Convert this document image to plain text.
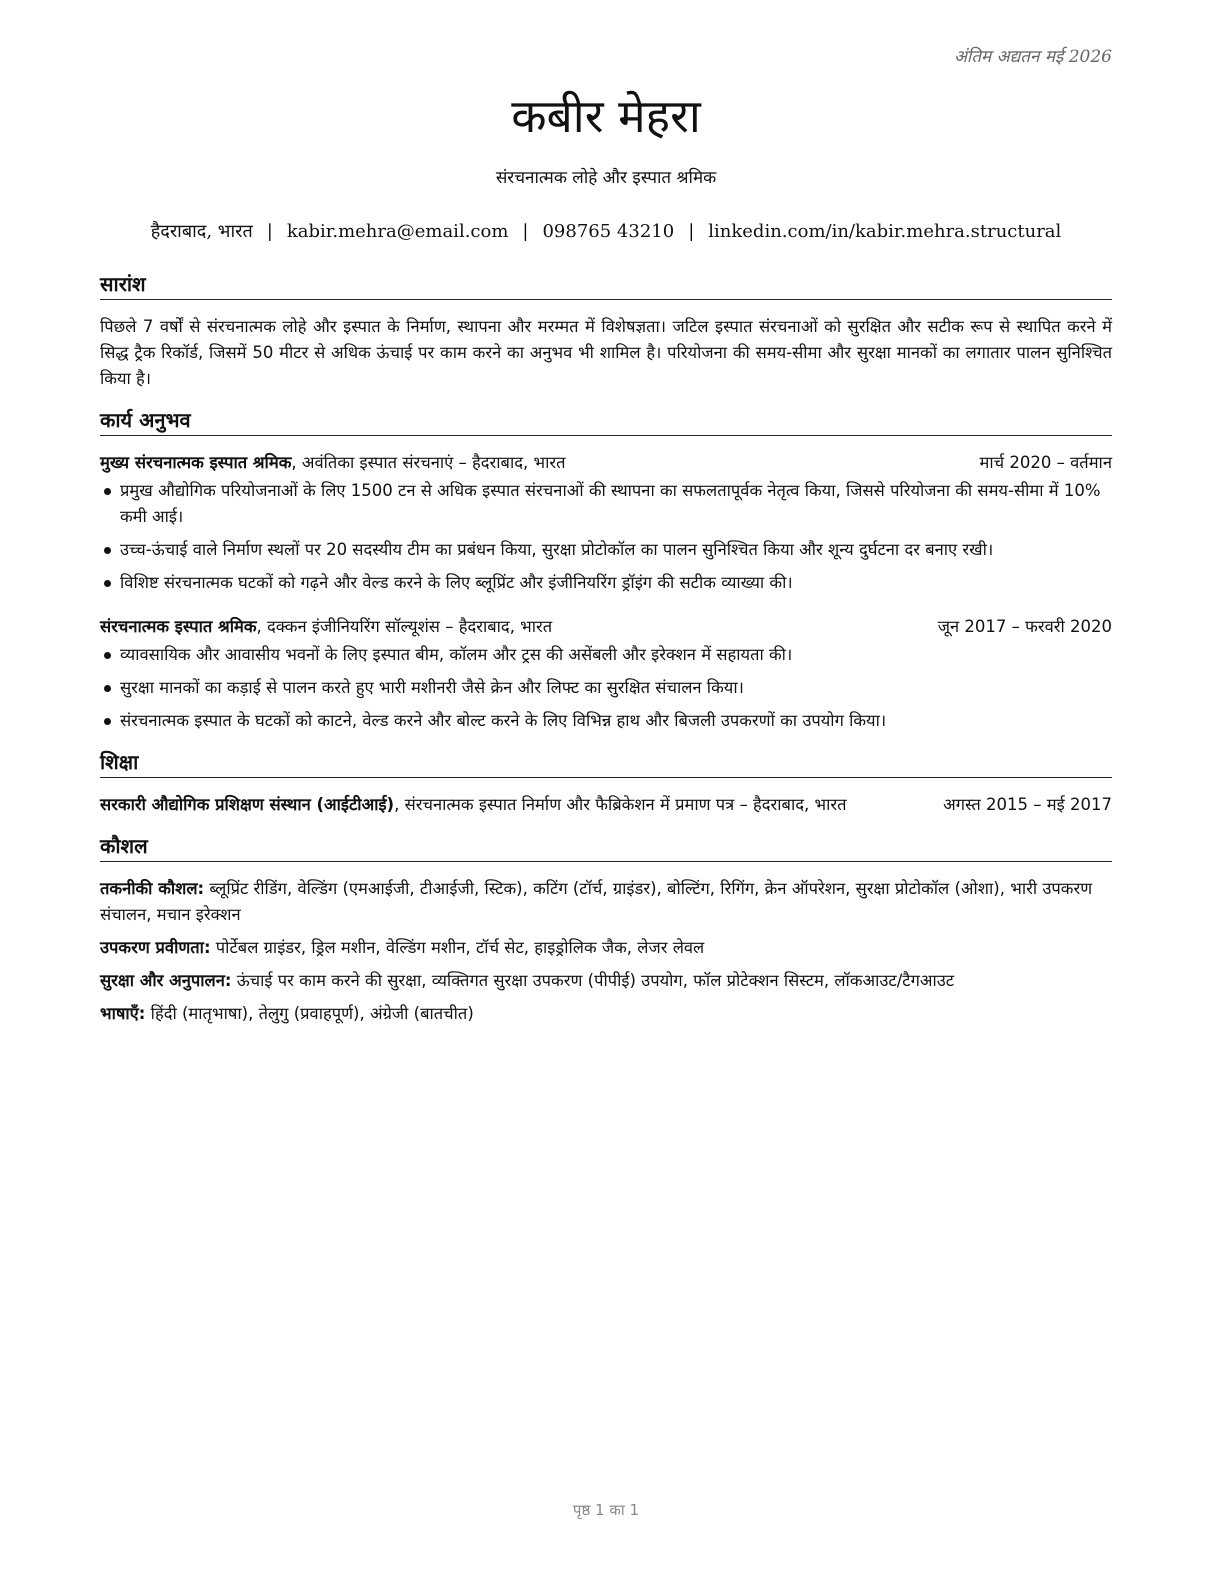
अंतिम अद्यतन मई 2026
कबीर मेहरा
संरचनात्मक लोहे और इस्पात श्रमिक
हैदराबाद, भारत | kabir.mehra@email.com | 098765 43210 | linkedin.com/in/kabir.mehra.structural
सारांश

पिछले 7 वर्षों से संरचनात्मक लोहे और इस्पात के निर्माण, स्थापना और मरम्मत में विशेषज्ञता। जटिल इस्पात संरचनाओं को सुरक्षित और सटीक रूप से स्थापित करने में सिद्ध ट्रैक रिकॉर्ड, जिसमें 50 मीटर से अधिक ऊंचाई पर काम करने का अनुभव भी शामिल है। परियोजना की समय-सीमा और सुरक्षा मानकों का लगातार पालन सुनिश्चित किया है।

कार्य अनुभव
मुख्य संरचनात्मक इस्पात श्रमिक, अवंतिका इस्पात संरचनाएं – हैदराबाद, भारत	मार्च 2020 – वर्तमान
प्रमुख औद्योगिक परियोजनाओं के लिए 1500 टन से अधिक इस्पात संरचनाओं की स्थापना का सफलतापूर्वक नेतृत्व किया, जिससे परियोजना की समय-सीमा में 10% कमी आई।
उच्च-ऊंचाई वाले निर्माण स्थलों पर 20 सदस्यीय टीम का प्रबंधन किया, सुरक्षा प्रोटोकॉल का पालन सुनिश्चित किया और शून्य दुर्घटना दर बनाए रखी।
विशिष्ट संरचनात्मक घटकों को गढ़ने और वेल्ड करने के लिए ब्लूप्रिंट और इंजीनियरिंग ड्रॉइंग की सटीक व्याख्या की।
संरचनात्मक इस्पात श्रमिक, दक्कन इंजीनियरिंग सॉल्यूशंस – हैदराबाद, भारत	जून 2017 – फरवरी 2020
व्यावसायिक और आवासीय भवनों के लिए इस्पात बीम, कॉलम और ट्रस की असेंबली और इरेक्शन में सहायता की।
सुरक्षा मानकों का कड़ाई से पालन करते हुए भारी मशीनरी जैसे क्रेन और लिफ्ट का सुरक्षित संचालन किया।
संरचनात्मक इस्पात के घटकों को काटने, वेल्ड करने और बोल्ट करने के लिए विभिन्न हाथ और बिजली उपकरणों का उपयोग किया।
शिक्षा
सरकारी औद्योगिक प्रशिक्षण संस्थान (आईटीआई), संरचनात्मक इस्पात निर्माण और फैब्रिकेशन में प्रमाण पत्र – हैदराबाद, भारत	अगस्त 2015 – मई 2017
कौशल

तकनीकी कौशल: ब्लूप्रिंट रीडिंग, वेल्डिंग (एमआईजी, टीआईजी, स्टिक), कटिंग (टॉर्च, ग्राइंडर), बोल्टिंग, रिगिंग, क्रेन ऑपरेशन, सुरक्षा प्रोटोकॉल (ओशा), भारी उपकरण संचालन, मचान इरेक्शन

उपकरण प्रवीणता: पोर्टेबल ग्राइंडर, ड्रिल मशीन, वेल्डिंग मशीन, टॉर्च सेट, हाइड्रोलिक जैक, लेजर लेवल

सुरक्षा और अनुपालन: ऊंचाई पर काम करने की सुरक्षा, व्यक्तिगत सुरक्षा उपकरण (पीपीई) उपयोग, फॉल प्रोटेक्शन सिस्टम, लॉकआउट/टैगआउट

भाषाएँ: हिंदी (मातृभाषा), तेलुगु (प्रवाहपूर्ण), अंग्रेजी (बातचीत)

पृष्ठ 1 का 1
